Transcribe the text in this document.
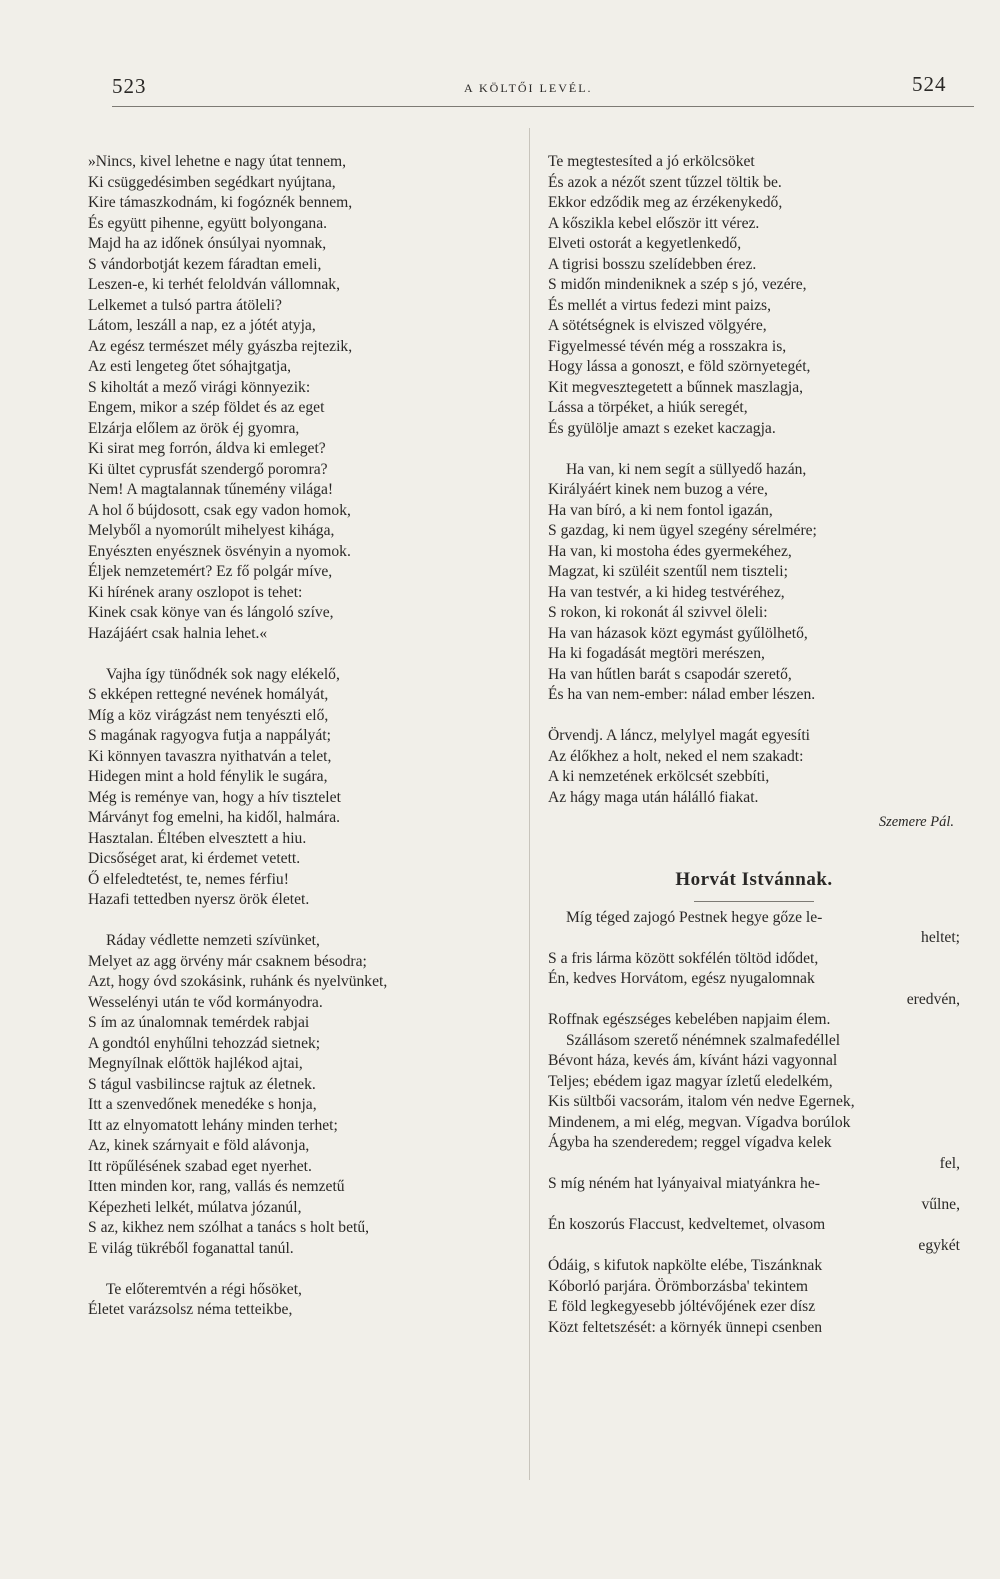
523	A KÖLTŐI LEVÉL.	524
»Nincs, kivel lehetne e nagy útat tennem,
Ki csüggedésimben segédkart nyújtana,
Kire támaszkodnám, ki fogóznék bennem,
És együtt pihenne, együtt bolyongana.
Majd ha az időnek ónsúlyai nyomnak,
S vándorbotját kezem fáradtan emeli,
Leszen-e, ki terhét feloldván vállomnak,
Lelkemet a tulsó partra átöleli?
Látom, leszáll a nap, ez a jótét atyja,
Az egész természet mély gyászba rejtezik,
Az esti lengeteg őtet sóhajtgatja,
S kiholtát a mező virági könnyezik:
Engem, mikor a szép földet és az eget
Elzárja előlem az örök éj gyomra,
Ki sirat meg forrón, áldva ki emleget?
Ki ültet cyprusfát szendergő poromra?
Nem! A magtalannak tűnemény világa!
A hol ő bújdosott, csak egy vadon homok,
Melyből a nyomorúlt mihelyest kihága,
Enyészten enyésznek ösvényin a nyomok.
Éljek nemzetemért? Ez fő polgár míve,
Ki hírének arany oszlopot is tehet:
Kinek csak könye van és lángoló szíve,
Hazájáért csak halnia lehet.«
Vajha így tünődnék sok nagy elékelő,
S ekképen rettegné nevének homályát,
Míg a köz virágzást nem tenyészti elő,
S magának ragyogva futja a nappályát;
Ki könnyen tavaszra nyithatván a telet,
Hidegen mint a hold fénylik le sugára,
Még is reménye van, hogy a hív tisztelet
Márványt fog emelni, ha kidől, halmára.
Hasztalan. Éltében elvesztett a hiu.
Dicsőséget arat, ki érdemet vetett.
Ő elfeledtetést, te, nemes férfiu!
Hazafi tettedben nyersz örök életet.
Ráday védlette nemzeti szívünket,
Melyet az agg örvény már csaknem bésodra;
Azt, hogy óvd szokásink, ruhánk és nyelvünket,
Wesselényi után te vőd kormányodra.
S ím az únalomnak temérdek rabjai
A gondtól enyhűlni tehozzád sietnek;
Megnyílnak előttök hajlékod ajtai,
S tágul vasbilincse rajtuk az életnek.
Itt a szenvedőnek menedéke s honja,
Itt az elnyomatott lehány minden terhet;
Az, kinek szárnyait e föld alávonja,
Itt röpűlésének szabad eget nyerhet.
Itten minden kor, rang, vallás és nemzetű
Képezheti lelkét, múlatva józanúl,
S az, kikhez nem szólhat a tanács s holt betű,
E világ tükréből foganattal tanúl.
Te előteremtvén a régi hősöket,
Életet varázsolsz néma tetteikbe,
Te megtestesíted a jó erkölcsöket
És azok a nézőt szent tűzzel töltik be.
Ekkor edződik meg az érzékenykedő,
A kőszikla kebel először itt vérez.
Elveti ostorát a kegyetlenkedő,
A tigrisi bosszu szelídebben érez.
S midőn mindeniknek a szép s jó, vezére,
És mellét a virtus fedezi mint paizs,
A sötétségnek is elviszed völgyére,
Figyelmessé tévén még a rosszakra is,
Hogy lássa a gonoszt, e föld szörnyetegét,
Kit megvesztegetett a bűnnek maszlagja,
Lássa a törpéket, a hiúk seregét,
És gyülölje amazt s ezeket kaczagja.
Ha van, ki nem segít a süllyedő hazán,
Királyáért kinek nem buzog a vére,
Ha van bíró, a ki nem fontol igazán,
S gazdag, ki nem ügyel szegény sérelmére;
Ha van, ki mostoha édes gyermekéhez,
Magzat, ki szüléit szentűl nem tiszteli;
Ha van testvér, a ki hideg testvéréhez,
S rokon, ki rokonát ál szivvel öleli:
Ha van házasok közt egymást gyűlölhető,
Ha ki fogadását megtöri merészen,
Ha van hűtlen barát s csapodár szerető,
És ha van nem-ember: nálad ember lészen.
Örvendj. A láncz, melylyel magát egyesíti
Az élőkhez a holt, neked el nem szakadt:
A ki nemzetének erkölcsét szebbíti,
Az hágy maga után hálálló fiakat.
Szemere Pál.
Horvát Istvánnak.
Míg téged zajogó Pestnek hegye gőze le-
heltet;
S a fris lárma között sokfélén töltöd idődet,
Én, kedves Horvátom, egész nyugalomnak
eredvén,
Roffnak egészséges kebelében napjaim élem.
Szállásom szerető nénémnek szalmafedéllel
Bévont háza, kevés ám, kívánt házi vagyonnal
Teljes; ebédem igaz magyar ízletű eledelkém,
Kis sültbői vacsorám, italom vén nedve Egernek,
Mindenem, a mi elég, megvan. Vígadva borúlok
Ágyba ha szenderedem; reggel vígadva kelek
fel,
S míg néném hat lyányaival miatyánkra he-
vűlne,
Én koszorús Flaccust, kedveltemet, olvasom
egykét
Ódáig, s kifutok napkölte elébe, Tiszánknak
Kóborló parjára. Örömborzásba' tekintem
E föld legkegyesebb jóltévőjének ezer dísz
Közt feltetszését: a környék ünnepi csenben
